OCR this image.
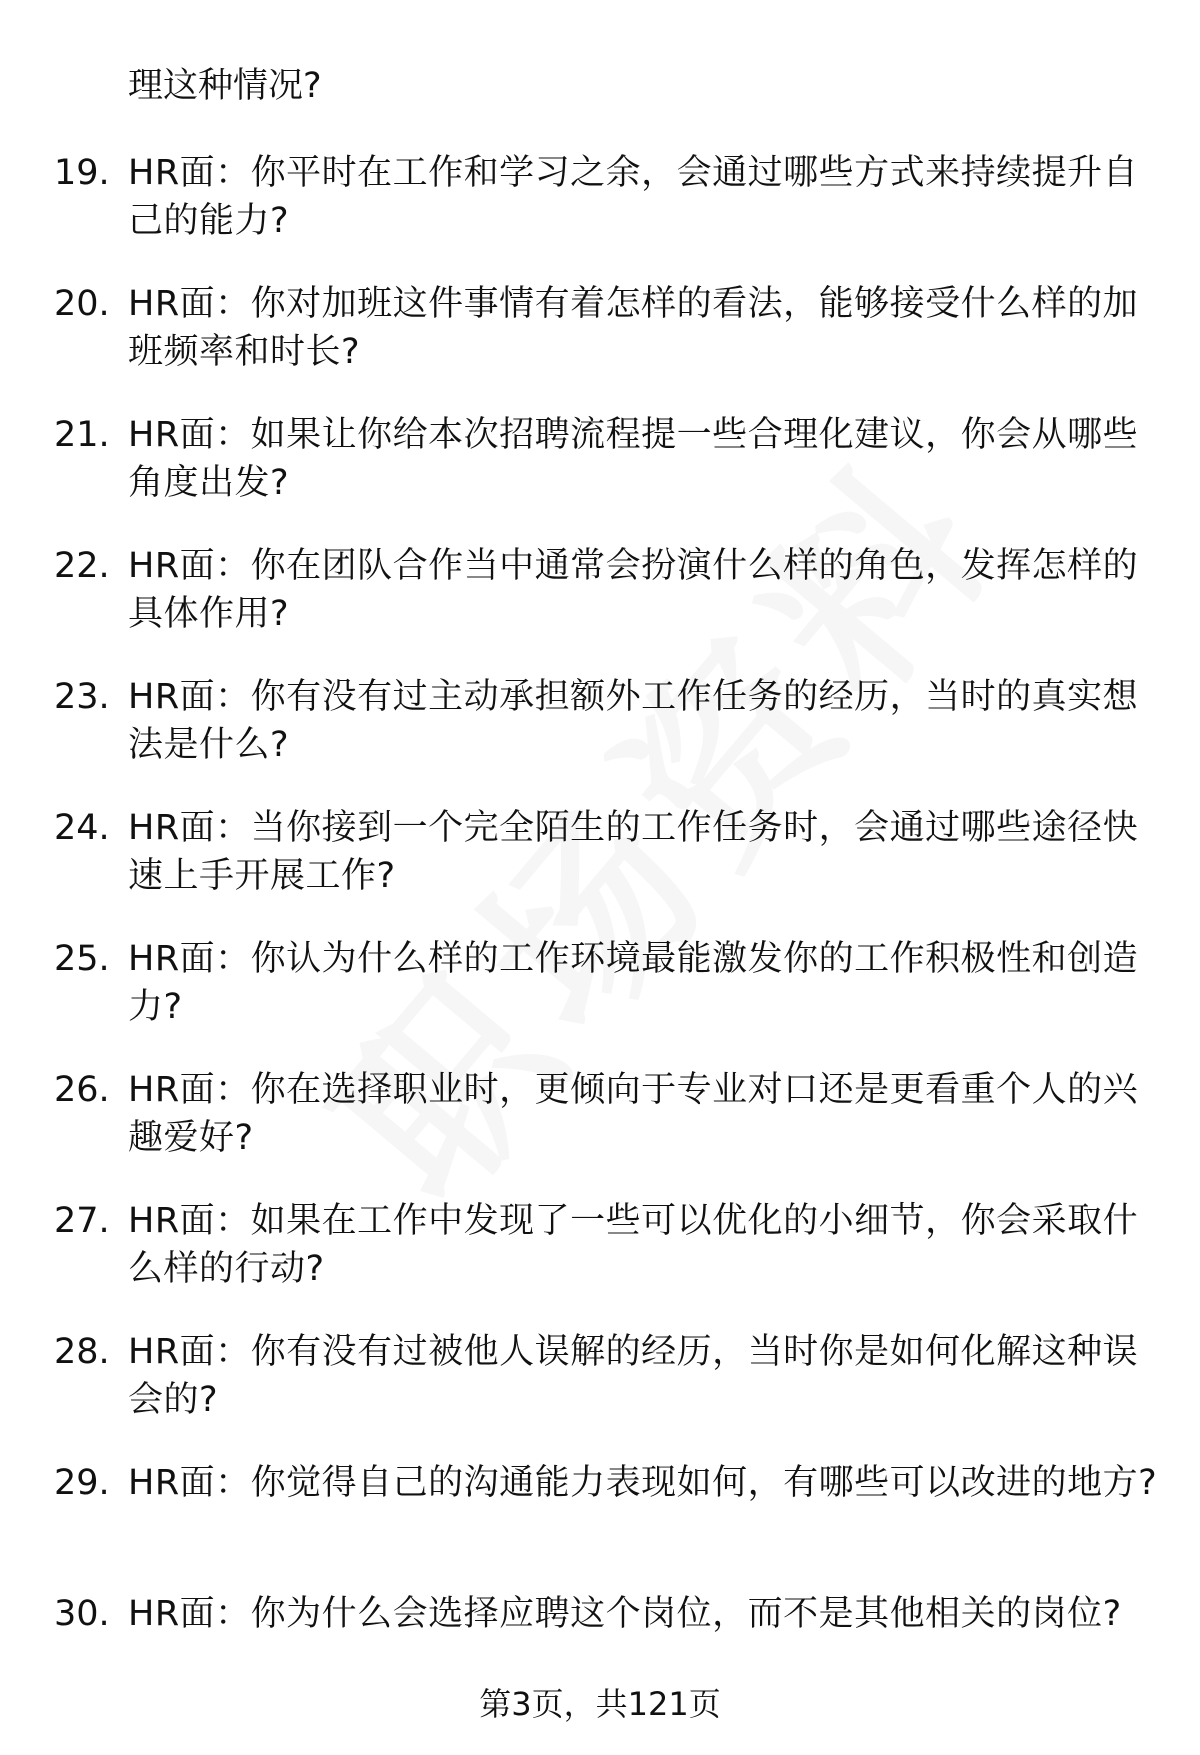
理这种情况?
19. HR面：你平时在工作和学习之余，会通过哪些方式来持续提升自己的能力?
20. HR面：你对加班这件事情有着怎样的看法，能够接受什么样的加班频率和时长?
21. HR面：如果让你给本次招聘流程提一些合理化建议，你会从哪些角度出发?
22. HR面：你在团队合作当中通常会扮演什么样的角色，发挥怎样的具体作用?
23. HR面：你有没有过主动承担额外工作任务的经历，当时的真实想法是什么?
24. HR面：当你接到一个完全陌生的工作任务时，会通过哪些途径快速上手开展工作?
25. HR面：你认为什么样的工作环境最能激发你的工作积极性和创造力?
26. HR面：你在选择职业时，更倾向于专业对口还是更看重个人的兴趣爱好?
27. HR面：如果在工作中发现了一些可以优化的小细节，你会采取什么样的行动?
28. HR面：你有没有过被他人误解的经历，当时你是如何化解这种误会的?
29. HR面：你觉得自己的沟通能力表现如何，有哪些可以改进的地方?
30. HR面：你为什么会选择应聘这个岗位，而不是其他相关的岗位?
第3页，共121页
